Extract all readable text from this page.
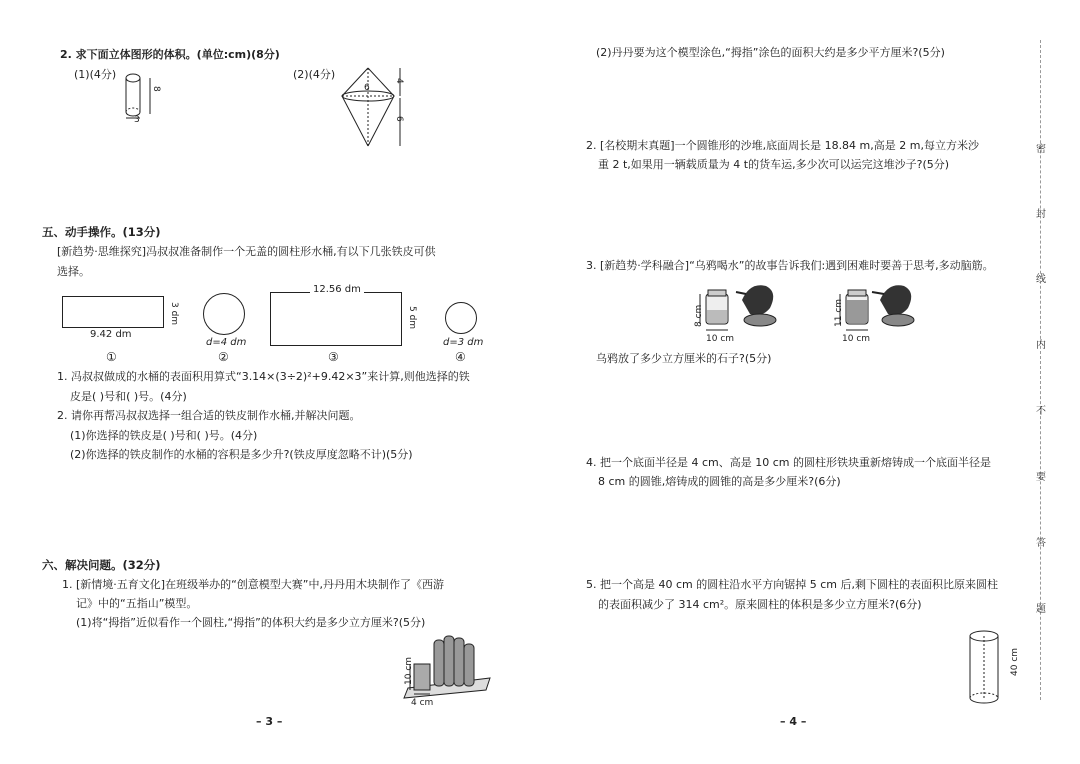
2. 求下面立体图形的体积。(单位:cm)(8分)
(1)(4分)	(2)(4分)
8
3
6
4
6
五、动手操作。(13分)
[新趋势·思维探究]冯叔叔准备制作一个无盖的圆柱形水桶,有以下几张铁皮可供
选择。
9.42 dm
3 dm
①
d=4 dm
②
12.56 dm
5 dm
③
d=3 dm
④
1. 冯叔叔做成的水桶的表面积用算式“3.14×(3÷2)²+9.42×3”来计算,则他选择的铁
皮是( )号和( )号。(4分)
2. 请你再帮冯叔叔选择一组合适的铁皮制作水桶,并解决问题。
(1)你选择的铁皮是( )号和( )号。(4分)
(2)你选择的铁皮制作的水桶的容积是多少升?(铁皮厚度忽略不计)(5分)
六、解决问题。(32分)
1. [新情境·五育文化]在班级举办的“创意模型大赛”中,丹丹用木块制作了《西游
记》中的“五指山”模型。
(1)将“拇指”近似看作一个圆柱,“拇指”的体积大约是多少立方厘米?(5分)
10 cm
4 cm
– 3 –
(2)丹丹要为这个模型涂色,“拇指”涂色的面积大约是多少平方厘米?(5分)
2. [名校期末真题]一个圆锥形的沙堆,底面周长是 18.84 m,高是 2 m,每立方米沙
重 2 t,如果用一辆载质量为 4 t的货车运,多少次可以运完这堆沙子?(5分)
3. [新趋势·学科融合]“乌鸦喝水”的故事告诉我们:遇到困难时要善于思考,多动脑筋。
8 cm
10 cm
11 cm
10 cm
乌鸦放了多少立方厘米的石子?(5分)
4. 把一个底面半径是 4 cm、高是 10 cm 的圆柱形铁块重新熔铸成一个底面半径是
8 cm 的圆锥,熔铸成的圆锥的高是多少厘米?(6分)
5. 把一个高是 40 cm 的圆柱沿水平方向锯掉 5 cm 后,剩下圆柱的表面积比原来圆柱
的表面积减少了 314 cm²。原来圆柱的体积是多少立方厘米?(6分)
40 cm
– 4 –
密
封
线
内
不
要
答
题
